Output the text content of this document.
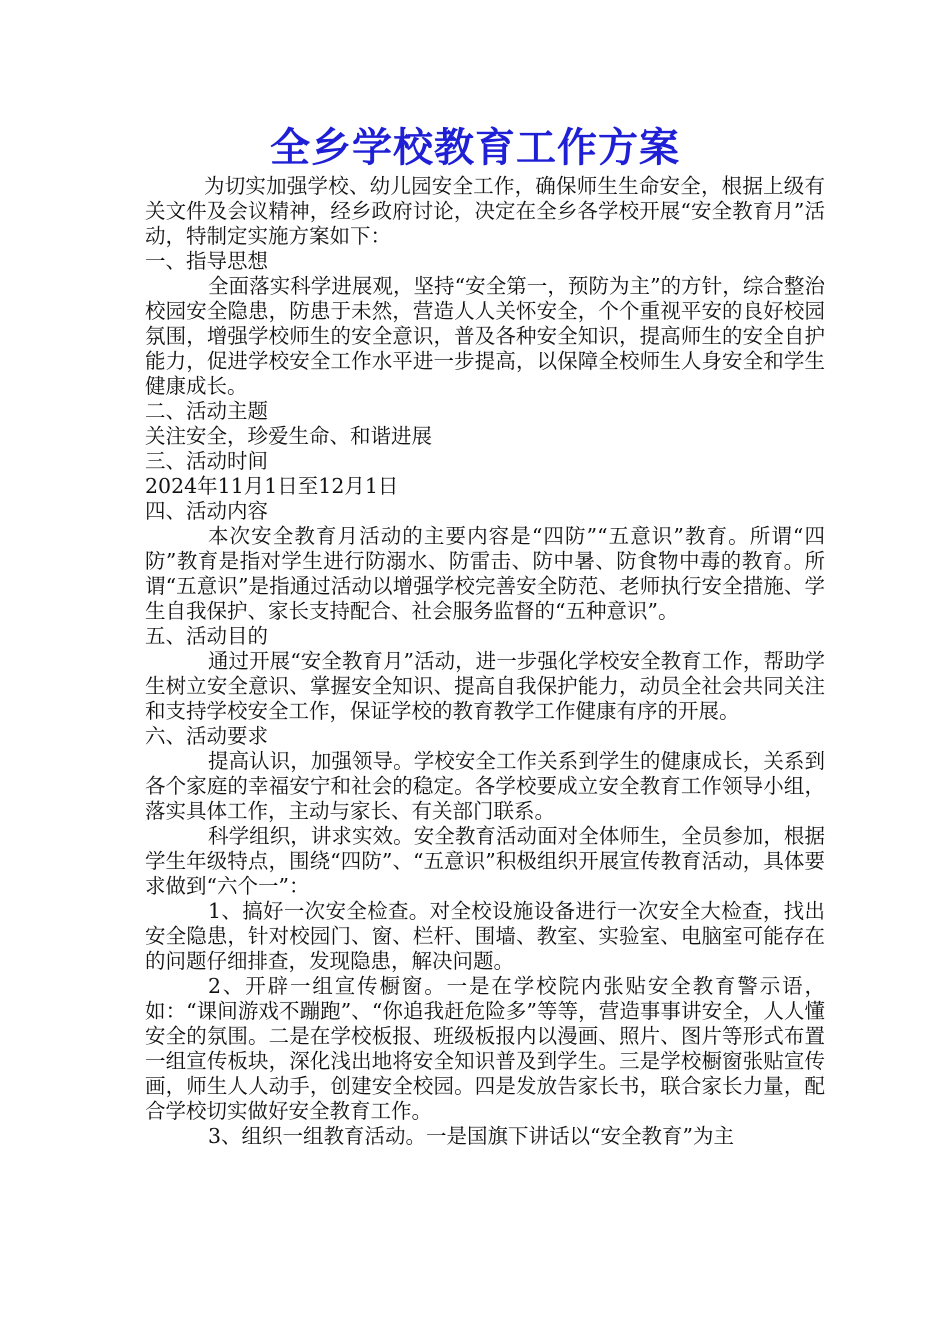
全乡学校教育工作方案

为切实加强学校、幼儿园安全工作，确保师生生命安全，根据上级有关文件及会议精神，经乡政府讨论，决定在全乡各学校开展“安全教育月”活动，特制定实施方案如下：

一、指导思想

全面落实科学进展观，坚持“安全第一，预防为主”的方针，综合整治校园安全隐患，防患于未然，营造人人关怀安全，个个重视平安的良好校园氛围，增强学校师生的安全意识，普及各种安全知识，提高师生的安全自护能力，促进学校安全工作水平进一步提高，以保障全校师生人身安全和学生健康成长。

二、活动主题

关注安全，珍爱生命、和谐进展

三、活动时间

2024年11月1日至12月1日

四、活动内容

本次安全教育月活动的主要内容是“四防”“五意识”教育。所谓“四防”教育是指对学生进行防溺水、防雷击、防中暑、防食物中毒的教育。所谓“五意识”是指通过活动以增强学校完善安全防范、老师执行安全措施、学生自我保护、家长支持配合、社会服务监督的“五种意识”。

五、活动目的

通过开展“安全教育月”活动，进一步强化学校安全教育工作，帮助学生树立安全意识、掌握安全知识、提高自我保护能力，动员全社会共同关注和支持学校安全工作，保证学校的教育教学工作健康有序的开展。

六、活动要求

提高认识，加强领导。学校安全工作关系到学生的健康成长，关系到各个家庭的幸福安宁和社会的稳定。各学校要成立安全教育工作领导小组，落实具体工作，主动与家长、有关部门联系。

科学组织，讲求实效。安全教育活动面对全体师生，全员参加，根据学生年级特点，围绕“四防”、“五意识”积极组织开展宣传教育活动，具体要求做到“六个一”：

1、搞好一次安全检查。对全校设施设备进行一次安全大检查，找出安全隐患，针对校园门、窗、栏杆、围墙、教室、实验室、电脑室可能存在的问题仔细排查，发现隐患，解决问题。

2、开辟一组宣传橱窗。一是在学校院内张贴安全教育警示语，如：“课间游戏不蹦跑”、“你追我赶危险多”等等，营造事事讲安全，人人懂安全的氛围。二是在学校板报、班级板报内以漫画、照片、图片等形式布置一组宣传板块，深化浅出地将安全知识普及到学生。三是学校橱窗张贴宣传画，师生人人动手，创建安全校园。四是发放告家长书，联合家长力量，配合学校切实做好安全教育工作。

3、组织一组教育活动。一是国旗下讲话以“安全教育”为主
